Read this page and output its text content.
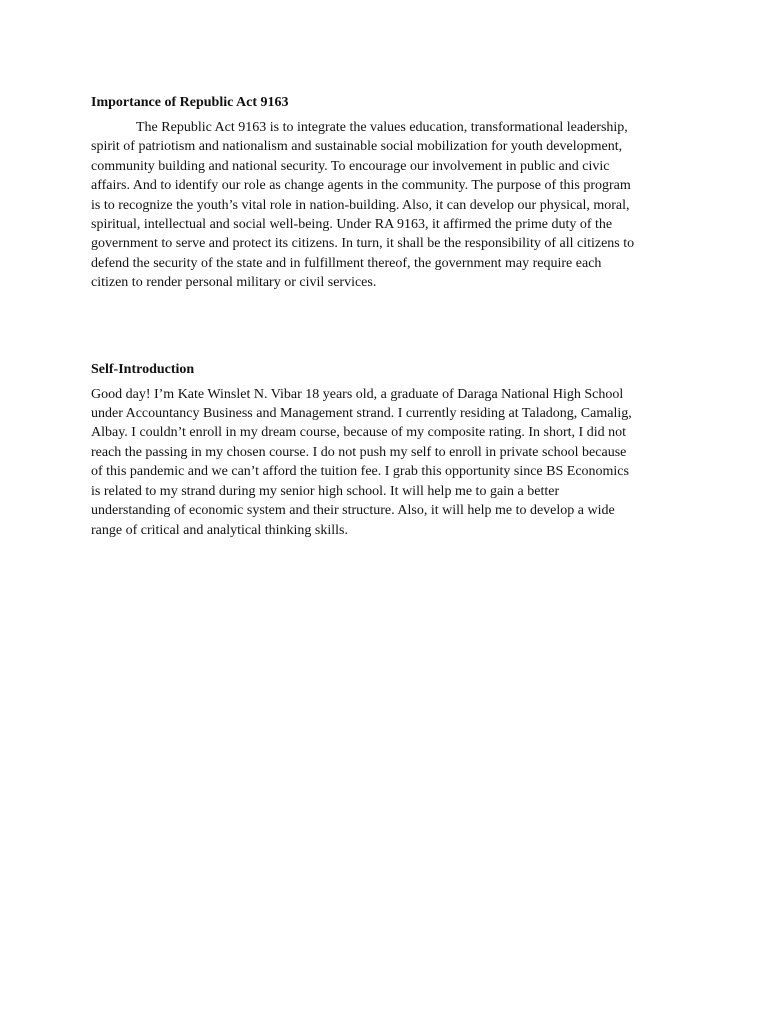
Importance of Republic Act 9163
The Republic Act 9163 is to integrate the values education, transformational leadership,
spirit of patriotism and nationalism and sustainable social mobilization for youth development,
community building and national security. To encourage our involvement in public and civic
affairs. And to identify our role as change agents in the community. The purpose of this program
is to recognize the youth’s vital role in nation-building. Also, it can develop our physical, moral,
spiritual, intellectual and social well-being. Under RA 9163, it affirmed the prime duty of the
government to serve and protect its citizens. In turn, it shall be the responsibility of all citizens to
defend the security of the state and in fulfillment thereof, the government may require each
citizen to render personal military or civil services.
Self-Introduction
Good day! I’m Kate Winslet N. Vibar 18 years old, a graduate of Daraga National High School
under Accountancy Business and Management strand. I currently residing at Taladong, Camalig,
Albay. I couldn’t enroll in my dream course, because of my composite rating. In short, I did not
reach the passing in my chosen course. I do not push my self to enroll in private school because
of this pandemic and we can’t afford the tuition fee. I grab this opportunity since BS Economics
is related to my strand during my senior high school. It will help me to gain a better
understanding of economic system and their structure. Also, it will help me to develop a wide
range of critical and analytical thinking skills.
